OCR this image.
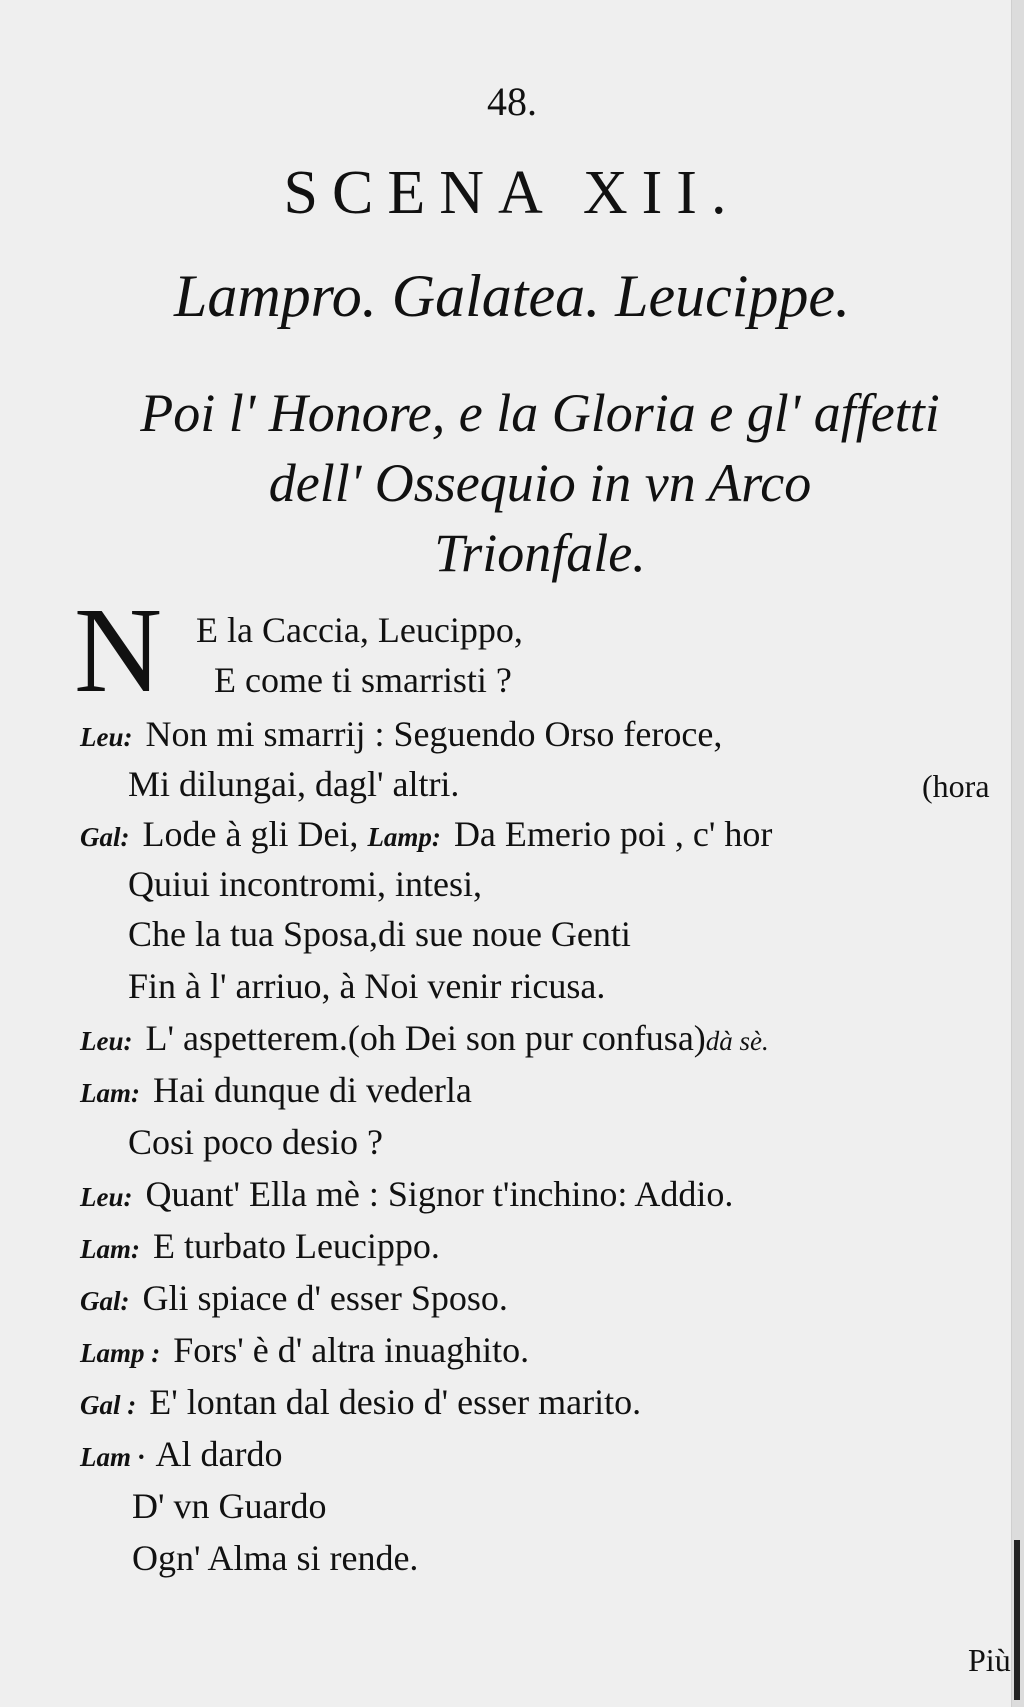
48.
SCENA XII.
Lampro. Galatea. Leucippe.
Poi l' Honore, e la Gloria e gl' affetti
dell' Ossequio in vn Arco
Trionfale.
N E la Caccia, Leucippo,
E come ti smarristi ?
Leu: Non mi smarrij : Seguendo Orso feroce,
Mi dilungai, dagl' altri.	(hora
Gal: Lode à gli Dei, Lamp: Da Emerio poi , c' hor
Quiui incontromi, intesi,
Che la tua Sposa,di sue noue Genti
Fin à l' arriuo, à Noi venir ricusa.
Leu: L' aspetterem.(oh Dei son pur confusa)dà sè.
Lam: Hai dunque di vederla
Cosi poco desio ?
Leu: Quant' Ella mè : Signor t'inchino: Addio.
Lam: E turbato Leucippo.
Gal: Gli spiace d' esser Sposo.
Lamp : Fors' è d' altra inuaghito.
Gal : E' lontan dal desio d' esser marito.
Lam · Al dardo
D' vn Guardo
Ogn' Alma si rende.
Più
